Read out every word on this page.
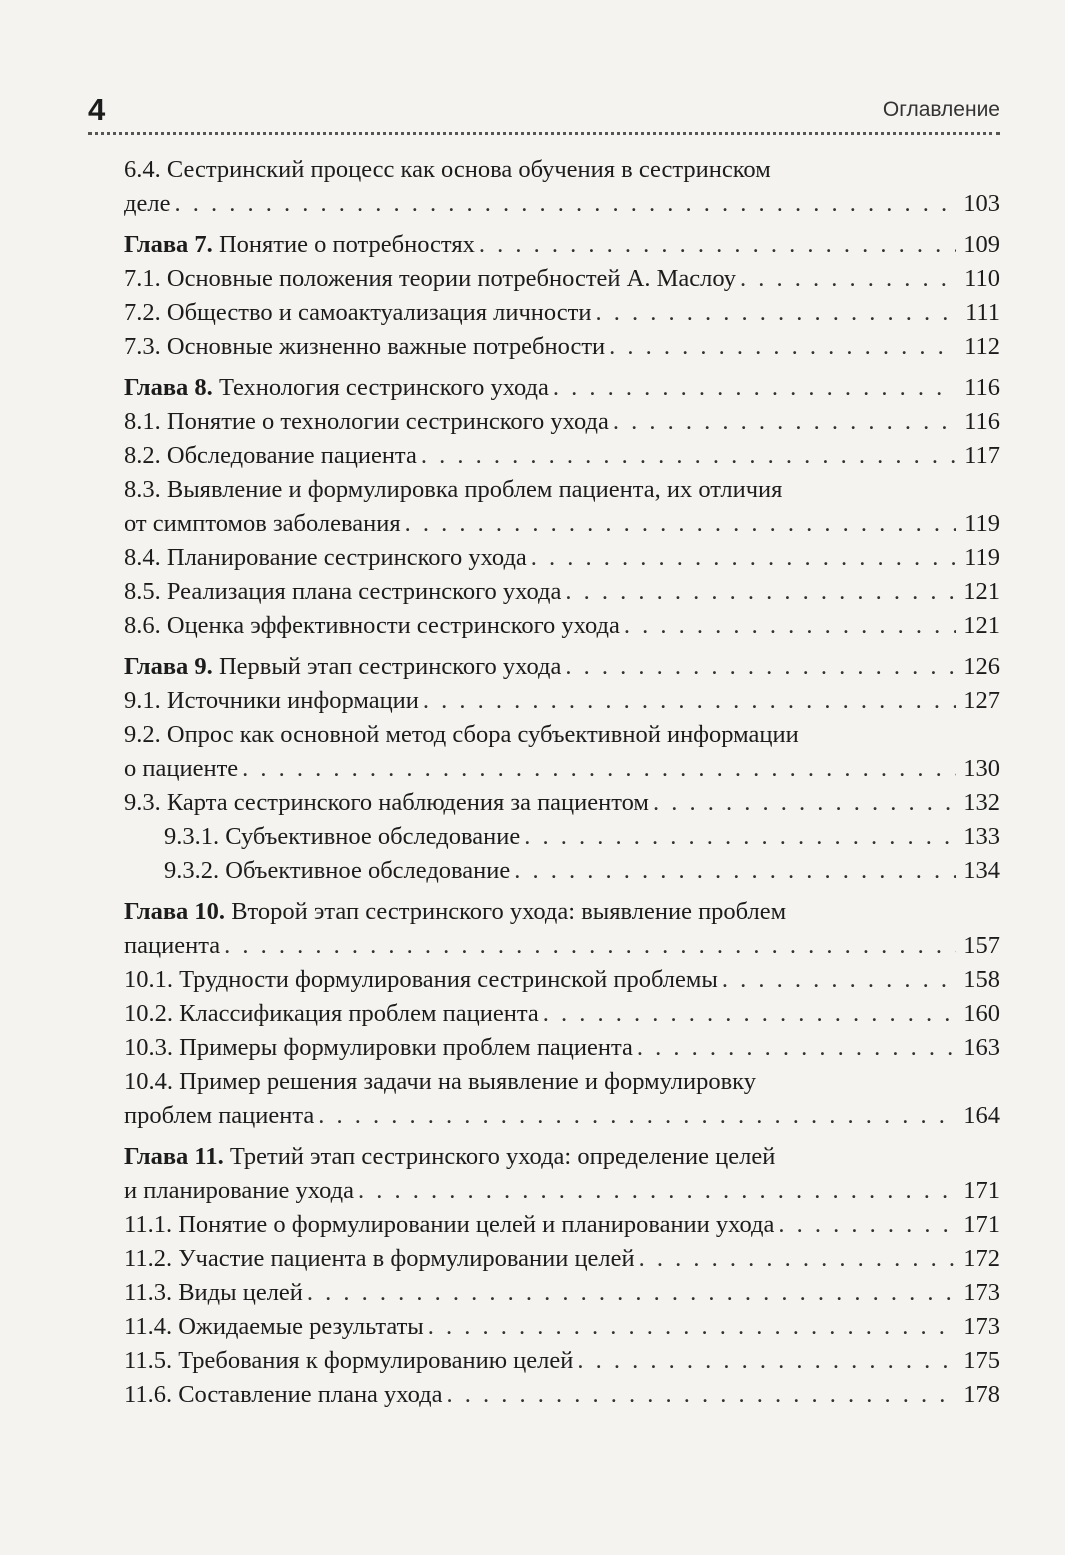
4	Оглавление
6.4. Сестринский процесс как основа обучения в сестринском
деле . . .	103
Глава 7. Понятие о потребностях . . .	109
7.1. Основные положения теории потребностей А. Маслоу . . .	110
7.2. Общество и самоактуализация личности . . .	111
7.3. Основные жизненно важные потребности . . .	112
Глава 8. Технология сестринского ухода . . .	116
8.1. Понятие о технологии сестринского ухода . . .	116
8.2. Обследование пациента . . .	117
8.3. Выявление и формулировка проблем пациента, их отличия
от симптомов заболевания . . .	119
8.4. Планирование сестринского ухода . . .	119
8.5. Реализация плана сестринского ухода . . .	121
8.6. Оценка эффективности сестринского ухода . . .	121
Глава 9. Первый этап сестринского ухода . . .	126
9.1. Источники информации . . .	127
9.2. Опрос как основной метод сбора субъективной информации
о пациенте . . .	130
9.3. Карта сестринского наблюдения за пациентом . . .	132
9.3.1. Субъективное обследование . . .	133
9.3.2. Объективное обследование . . .	134
Глава 10. Второй этап сестринского ухода: выявление проблем
пациента . . .	157
10.1. Трудности формулирования сестринской проблемы . . .	158
10.2. Классификация проблем пациента . . .	160
10.3. Примеры формулировки проблем пациента . . .	163
10.4. Пример решения задачи на выявление и формулировку
проблем пациента . . .	164
Глава 11. Третий этап сестринского ухода: определение целей
и планирование ухода . . .	171
11.1. Понятие о формулировании целей и планировании ухода . . .	171
11.2. Участие пациента в формулировании целей . . .	172
11.3. Виды целей . . .	173
11.4. Ожидаемые результаты . . .	173
11.5. Требования к формулированию целей . . .	175
11.6. Составление плана ухода . . .	178
